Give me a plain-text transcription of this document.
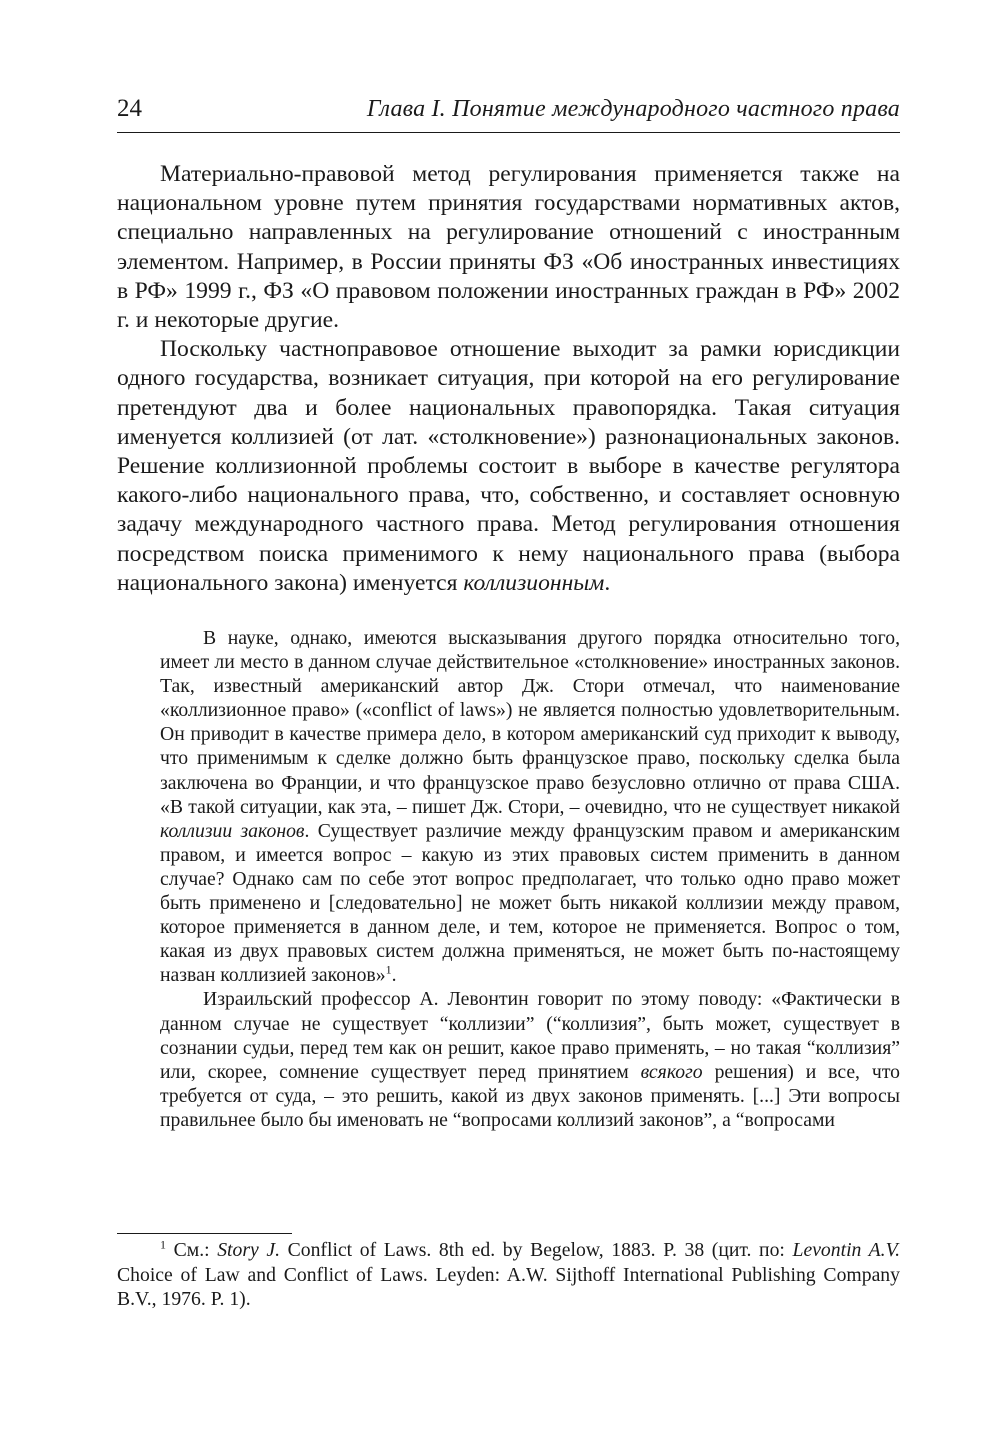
24	Глава I. Понятие международного частного права

Материально-правовой метод регулирования применяется также на национальном уровне путем принятия государствами нормативных актов, специально направленных на регулирование отношений с иностранным элементом. Например, в России приняты ФЗ «Об иностранных инвестициях в РФ» 1999 г., ФЗ «О правовом положении иностранных граждан в РФ» 2002 г. и некоторые другие.

Поскольку частноправовое отношение выходит за рамки юрисдикции одного государства, возникает ситуация, при которой на его регулирование претендуют два и более национальных правопорядка. Такая ситуация именуется коллизией (от лат. «столкновение») разнонациональных законов. Решение коллизионной проблемы состоит в выборе в качестве регулятора какого-либо национального права, что, собственно, и составляет основную задачу международного частного права. Метод регулирования отношения посредством поиска применимого к нему национального права (выбора национального закона) именуется коллизионным.

В науке, однако, имеются высказывания другого порядка относительно того, имеет ли место в данном случае действительное «столкновение» иностранных законов. Так, известный американский автор Дж. Стори отмечал, что наименование «коллизионное право» («conflict of laws») не является полностью удовлетворительным. Он приводит в качестве примера дело, в котором американский суд приходит к выводу, что применимым к сделке должно быть французское право, поскольку сделка была заключена во Франции, и что французское право безусловно отлично от права США. «В такой ситуации, как эта, – пишет Дж. Стори, – очевидно, что не существует никакой коллизии законов. Существует различие между французским правом и американским правом, и имеется вопрос – какую из этих правовых систем применить в данном случае? Однако сам по себе этот вопрос предполагает, что только одно право может быть применено и [следовательно] не может быть никакой коллизии между правом, которое применяется в данном деле, и тем, которое не применяется. Вопрос о том, какая из двух правовых систем должна применяться, не может быть по-настоящему назван коллизией законов»$^1$.

Израильский профессор А. Левонтин говорит по этому поводу: «Фактически в данном случае не существует “коллизии” (“коллизия”, быть может, существует в сознании судьи, перед тем как он решит, какое право применять, – но такая “коллизия” или, скорее, сомнение существует перед принятием всякого решения) и все, что требуется от суда, – это решить, какой из двух законов применять. [...] Эти вопросы правильнее было бы именовать не “вопросами коллизий законов”, а “вопросами

$^1$ См.: Story J. Conflict of Laws. 8th ed. by Begelow, 1883. P. 38 (цит. по: Levontin A.V. Choice of Law and Conflict of Laws. Leyden: A.W. Sijthoff International Publishing Company B.V., 1976. P. 1).
